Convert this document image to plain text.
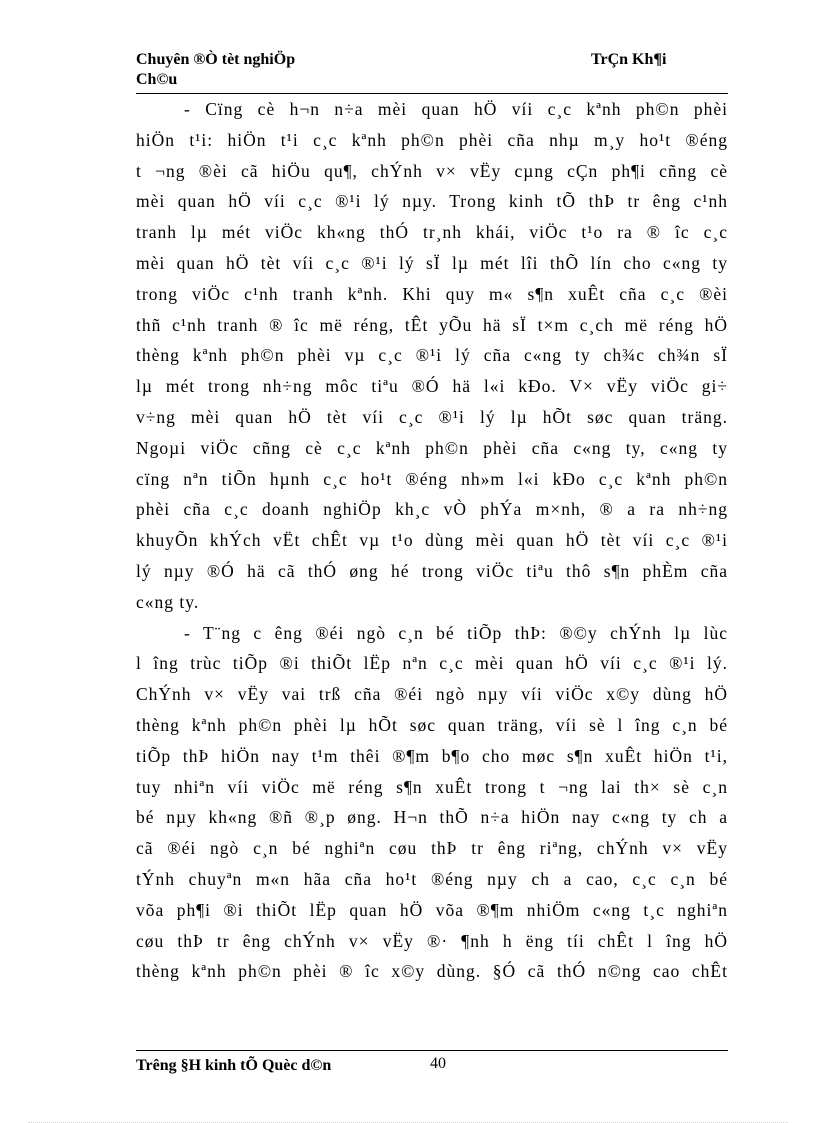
Chuyên ®Ò tèt nghiÖp
Ch©u
TrÇn Kh¶i
- Cïng cè h¬n n÷a mèi quan hÖ víi c¸c kªnh ph©n phèi
hiÖn t¹i: hiÖn t¹i c¸c kªnh ph©n phèi cña nhµ m¸y ho¹t ®éng
t ¬ng ®èi cã hiÖu qu¶, chÝnh v× vËy cµng cÇn ph¶i cñng cè
mèi quan hÖ víi c¸c ®¹i lý nµy. Trong kinh tÕ thÞ tr êng c¹nh
tranh lµ mét viÖc kh«ng thÓ tr¸nh khái, viÖc t¹o ra ® îc c¸c
mèi quan hÖ tèt víi c¸c ®¹i lý sÏ lµ mét lîi thÕ lín cho c«ng ty
trong viÖc c¹nh tranh kªnh. Khi quy m« s¶n xuÊt cña c¸c ®èi
thñ c¹nh tranh ® îc më réng, tÊt yÕu hä sÏ t×m c¸ch më réng hÖ
thèng kªnh ph©n phèi vµ c¸c ®¹i lý cña c«ng ty ch¾c ch¾n sÏ
lµ mét trong nh÷ng môc tiªu ®Ó hä l«i kÐo. V× vËy viÖc gi÷
v÷ng mèi quan hÖ tèt víi c¸c ®¹i lý lµ hÕt søc quan träng.
Ngoµi viÖc cñng cè c¸c kªnh ph©n phèi cña c«ng ty, c«ng ty
cïng nªn tiÕn hµnh c¸c ho¹t ®éng nh»m l«i kÐo c¸c kªnh ph©n
phèi cña c¸c doanh nghiÖp kh¸c vÒ phÝa m×nh, ® a ra nh÷ng
khuyÕn khÝch vËt chÊt vµ t¹o dùng mèi quan hÖ tèt víi c¸c ®¹i
lý nµy ®Ó hä cã thÓ øng hé trong viÖc tiªu thô s¶n phÈm cña
c«ng ty.
- T¨ng c êng ®éi ngò c¸n bé tiÕp thÞ: ®©y chÝnh lµ lùc
l îng trùc tiÕp ®i thiÕt lËp nªn c¸c mèi quan hÖ víi c¸c ®¹i lý.
ChÝnh v× vËy vai trß cña ®éi ngò nµy víi viÖc x©y dùng hÖ
thèng kªnh ph©n phèi lµ hÕt søc quan träng, víi sè l îng c¸n bé
tiÕp thÞ hiÖn nay t¹m thêi ®¶m b¶o cho møc s¶n xuÊt hiÖn t¹i,
tuy nhiªn víi viÖc më réng s¶n xuÊt trong t ¬ng lai th× sè c¸n
bé nµy kh«ng ®ñ ®¸p øng. H¬n thÕ n÷a hiÖn nay c«ng ty ch a
cã ®éi ngò c¸n bé nghiªn cøu thÞ tr êng riªng, chÝnh v× vËy
tÝnh chuyªn m«n hãa cña ho¹t ®éng nµy ch a cao, c¸c c¸n bé
võa ph¶i ®i thiÕt lËp quan hÖ võa ®¶m nhiÖm c«ng t¸c nghiªn
cøu thÞ tr êng chÝnh v× vËy ®· ¶nh h ëng tíi chÊt l îng hÖ
thèng kªnh ph©n phèi ® îc x©y dùng. §Ó cã thÓ n©ng cao chÊt
Trêng §H kinh tÕ Quèc d©n	40
